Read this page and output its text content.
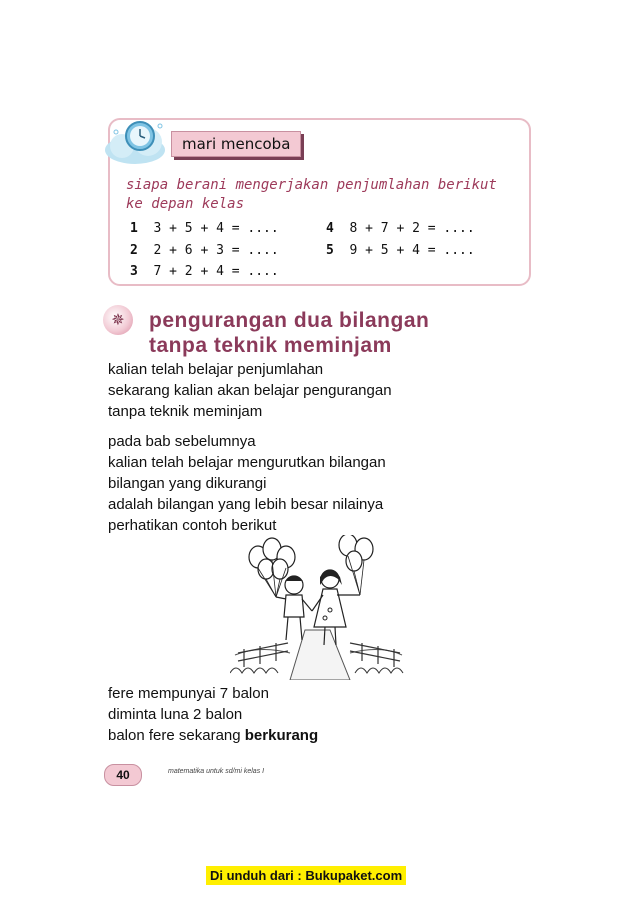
mari mencoba
siapa berani mengerjakan penjumlahan berikut
ke depan kelas
1 3 + 5 + 4 = ....
2 2 + 6 + 3 = ....
3 7 + 2 + 4 = ....
4 8 + 7 + 2 = ....
5 9 + 5 + 4 = ....
✵	pengurangan dua bilangan
tanpa teknik meminjam
kalian telah belajar penjumlahan
sekarang kalian akan belajar pengurangan
tanpa teknik meminjam
pada bab sebelumnya
kalian telah belajar mengurutkan bilangan
bilangan yang dikurangi
adalah bilangan yang lebih besar nilainya
perhatikan contoh berikut
fere mempunyai 7 balon
diminta luna 2 balon
balon fere sekarang berkurang
40	matematika untuk sd/mi kelas I
Di unduh dari : Bukupaket.com
